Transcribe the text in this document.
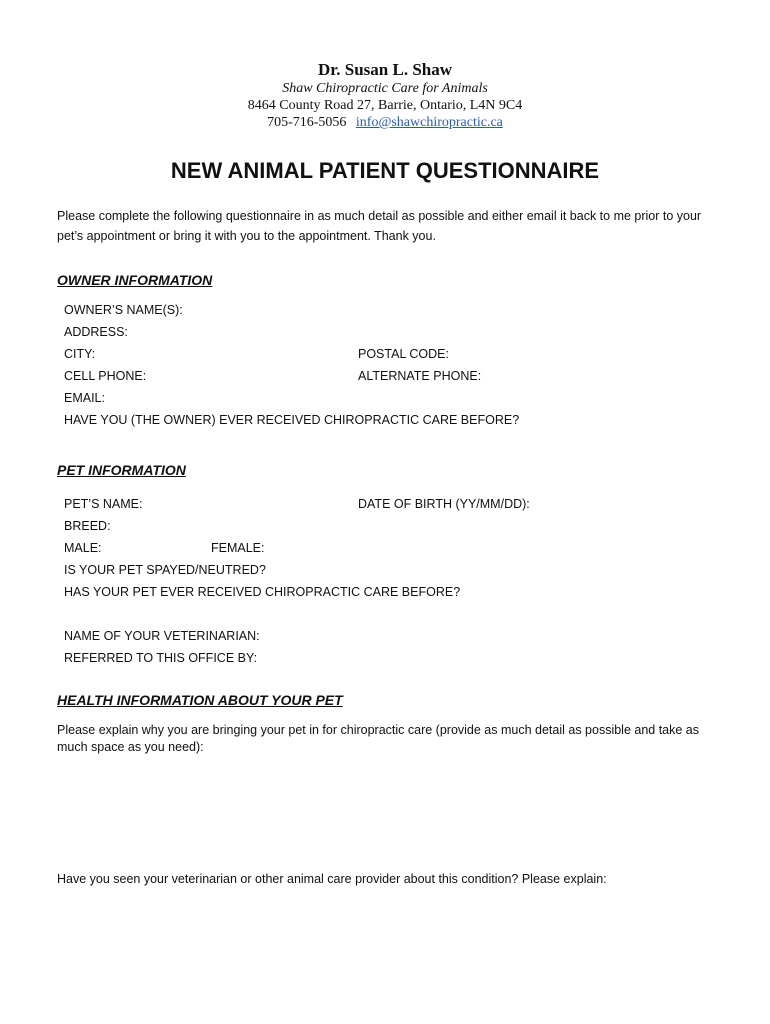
Dr. Susan L. Shaw
Shaw Chiropractic Care for Animals
8464 County Road 27, Barrie, Ontario, L4N 9C4
705-716-5056 info@shawchiropractic.ca
NEW ANIMAL PATIENT QUESTIONNAIRE
Please complete the following questionnaire in as much detail as possible and either email it back to me prior to your pet’s appointment or bring it with you to the appointment. Thank you.
OWNER INFORMATION
OWNER’S NAME(S):
ADDRESS:
CITY:	POSTAL CODE:
CELL PHONE:	ALTERNATE PHONE:
EMAIL:
HAVE YOU (THE OWNER) EVER RECEIVED CHIROPRACTIC CARE BEFORE?
PET INFORMATION
PET’S NAME:	DATE OF BIRTH (YY/MM/DD):
BREED:
MALE:	FEMALE:
IS YOUR PET SPAYED/NEUTRED?
HAS YOUR PET EVER RECEIVED CHIROPRACTIC CARE BEFORE?
NAME OF YOUR VETERINARIAN:
REFERRED TO THIS OFFICE BY:
HEALTH INFORMATION ABOUT YOUR PET
Please explain why you are bringing your pet in for chiropractic care (provide as much detail as possible and take as much space as you need):
Have you seen your veterinarian or other animal care provider about this condition? Please explain:
